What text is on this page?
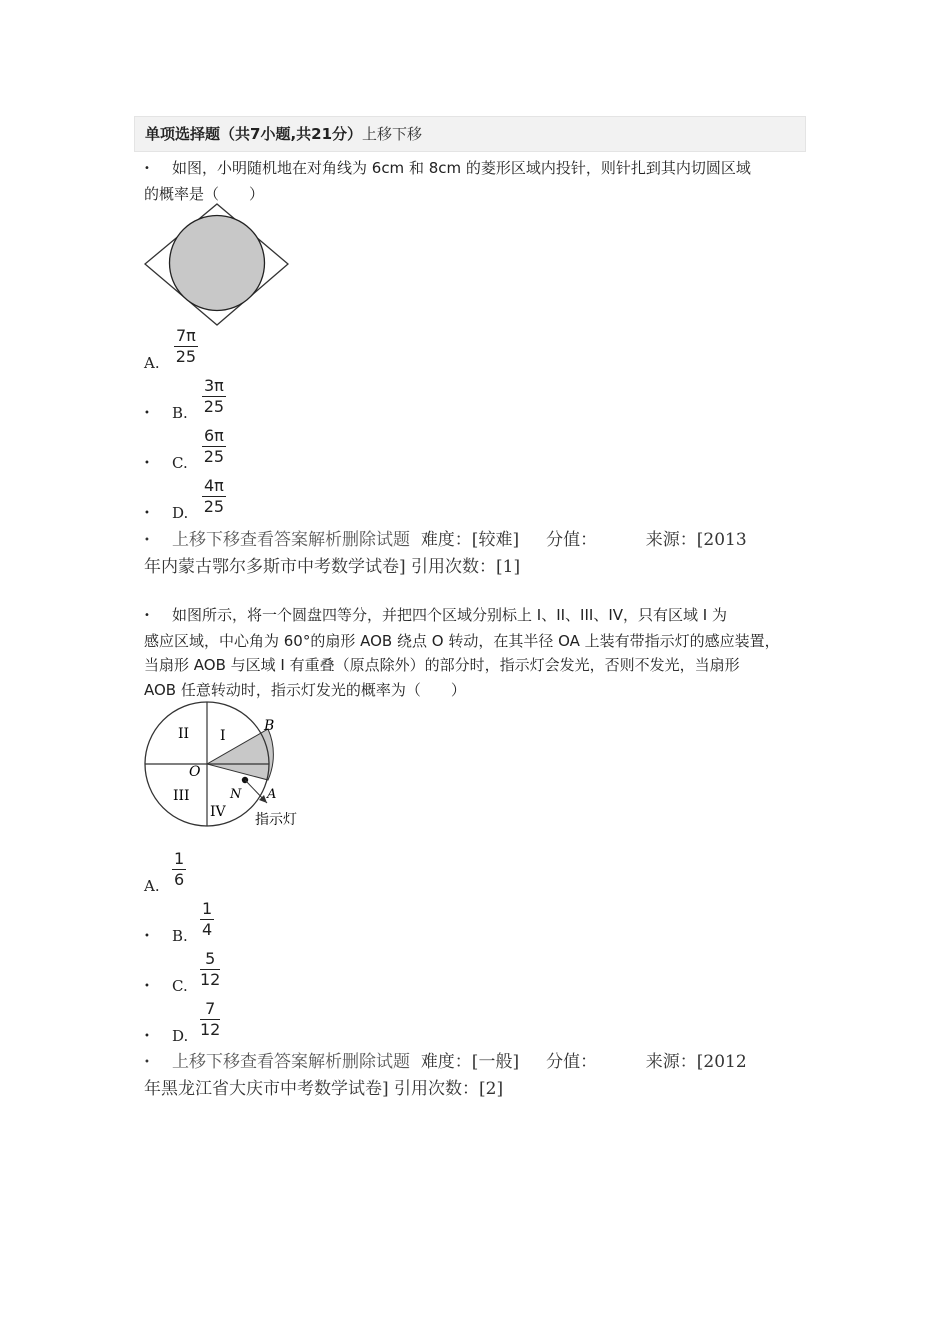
单项选择题（共7小题,共21分）上移下移
• 如图，小明随机地在对角线为 6cm 和 8cm 的菱形区域内投针，则针扎到其内切圆区域
的概率是（　　）
A. $\frac{7\pi}{25}$
• B. $\frac{3\pi}{25}$
• C. $\frac{6\pi}{25}$
• D. $\frac{4\pi}{25}$
• 上移下移查看答案解析删除试题 难度：[较难] 分值：	来源：[2013
年内蒙古鄂尔多斯市中考数学试卷] 引用次数：[1]
• 如图所示，将一个圆盘四等分，并把四个区域分别标上 I、II、III、IV，只有区域 I 为
感应区域，中心角为 60°的扇形 AOB 绕点 O 转动，在其半径 OA 上装有带指示灯的感应装置，
当扇形 AOB 与区域 I 有重叠（原点除外）的部分时，指示灯会发光，否则不发光，当扇形
AOB 任意转动时，指示灯发光的概率为（　　）
II I
III
IV
O
B
N A
指示灯
A. $\frac{1}{6}$
• B. $\frac{1}{4}$
• C. $\frac{5}{12}$
• D. $\frac{7}{12}$
• 上移下移查看答案解析删除试题 难度：[一般] 分值：	来源：[2012
年黑龙江省大庆市中考数学试卷] 引用次数：[2]
